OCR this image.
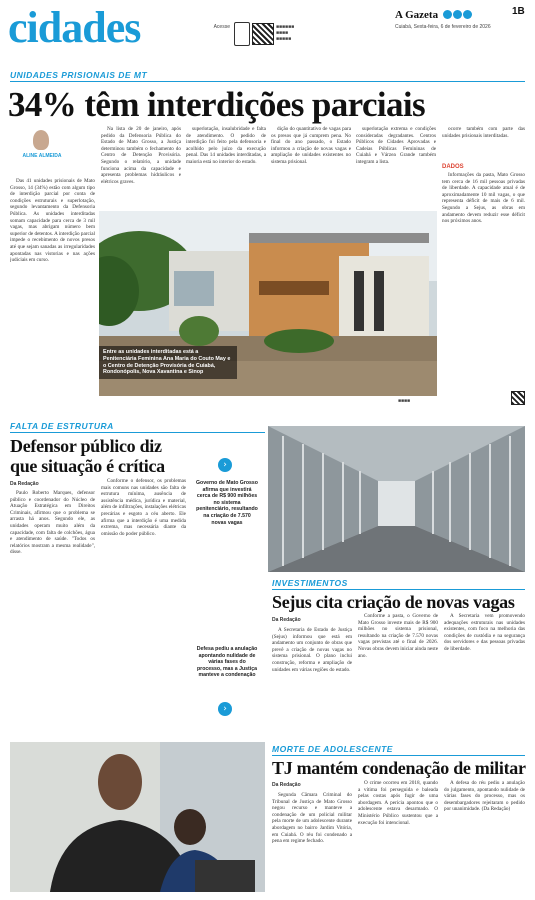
cidades	Acesse	■■■■■■
■■■■
■■■■■
A Gazeta	1B
Cuiabá, Sexta-feira, 6 de fevereiro de 2026
UNIDADES PRISIONAIS DE MT
34% têm interdições parciais
ALINE ALMEIDA

Das 41 unidades prisionais de Mato Grosso, 14 (34%) estão com algum tipo de interdição parcial por conta de condições estruturais e superlotação, segundo levantamento da Defensoria Pública. As unidades interditadas somam capacidade para cerca de 3 mil vagas, mas abrigam número bem superior de detentos. A interdição parcial impede o recebimento de novos presos até que sejam sanadas as irregularidades apontadas nas vistorias e nas ações judiciais em curso.

Na lista de 20 de janeiro, após pedido da Defensoria Pública do Estado de Mato Grosso, a Justiça determinou também o fechamento do Centro de Detenção Provisória. Segundo o relatório, a unidade funciona acima da capacidade e apresenta problemas hidráulicos e elétricos graves.

superlotação, insalubridade e falta de atendimento. O pedido de interdição foi feito pela defensoria e acolhido pelo juízo da execução penal. Das 14 unidades interditadas, a maioria está no interior do estado.

dição do quantitativo de vagas para os presos que já cumprem pena. No final do ano passado, o Estado informou a criação de novas vagas e ampliação de unidades existentes no sistema prisional.

superlotação extrema e condições consideradas degradantes. Centros Públicos de Cidades Aprovadas e Cadeias Públicas Femininas de Cuiabá e Várzea Grande também integram a lista.

ocorre também com parte das unidades prisionais interditadas.

DADOS

Informações da pasta, Mato Grosso tem cerca de 16 mil pessoas privadas de liberdade. A capacidade atual é de aproximadamente 10 mil vagas, o que representa déficit de mais de 6 mil. Segundo a Sejus, as obras em andamento devem reduzir esse déficit nos próximos anos.

Entre as unidades interditadas está a Penitenciária Feminina Ana Maria do Couto May e o Centro de Detenção Provisória de Cuiabá, Rondonópolis, Nova Xavantina e Sinop
■■■■
FALTA DE ESTRUTURA
Defensor público diz que situação é crítica
Da Redação

Paulo Roberto Marques, defensor público e coordenador do Núcleo de Atuação Estratégica em Direitos Criminais, afirmou que o problema se arrasta há anos. Segundo ele, as unidades operam muito além da capacidade, com falta de colchões, água e atendimento de saúde. "Todos os relatórios mostram a mesma realidade", disse.

Conforme o defensor, os problemas mais comuns nas unidades são falta de estrutura mínima, ausência de assistência médica, jurídica e material, além de infiltrações, instalações elétricas precárias e esgoto a céu aberto. Ele afirma que a interdição é uma medida extrema, mas necessária diante da omissão do poder público.

›
Governo de Mato Grosso afirma que investirá cerca de R$ 900 milhões no sistema penitenciário, resultando na criação de 7.570 novas vagas
Defesa pediu a anulação apontando nulidade de várias fases do processo, mas a Justiça manteve a condenação
›
INVESTIMENTOS
Sejus cita criação de novas vagas
Da Redação

A Secretaria de Estado de Justiça (Sejus) informou que está em andamento um conjunto de obras que prevê a criação de novas vagas no sistema prisional. O plano inclui construção, reforma e ampliação de unidades em várias regiões do estado.

Conforme a pasta, o Governo de Mato Grosso investe mais de R$ 900 milhões no sistema prisional, resultando na criação de 7.570 novas vagas previstas até o final de 2026. Novas obras devem iniciar ainda neste ano.

A Secretaria vem promovendo adequações estruturais nas unidades existentes, com foco na melhoria das condições de custódia e na segurança dos servidores e das pessoas privadas de liberdade.

MORTE DE ADOLESCENTE
TJ mantém condenação de militar
Da Redação

Segunda Câmara Criminal do Tribunal de Justiça de Mato Grosso negou recurso e manteve a condenação de um policial militar pela morte de um adolescente durante abordagem no bairro Jardim Vitória, em Cuiabá. O réu foi condenado a pena em regime fechado.

O crime ocorreu em 2018, quando a vítima foi perseguida e baleada pelas costas após fugir de uma abordagem. A perícia apontou que o adolescente estava desarmado. O Ministério Público sustentou que a execução foi intencional.

A defesa do réu pediu a anulação do julgamento, apontando nulidade de várias fases do processo, mas os desembargadores rejeitaram o pedido por unanimidade. (Da Redação)
